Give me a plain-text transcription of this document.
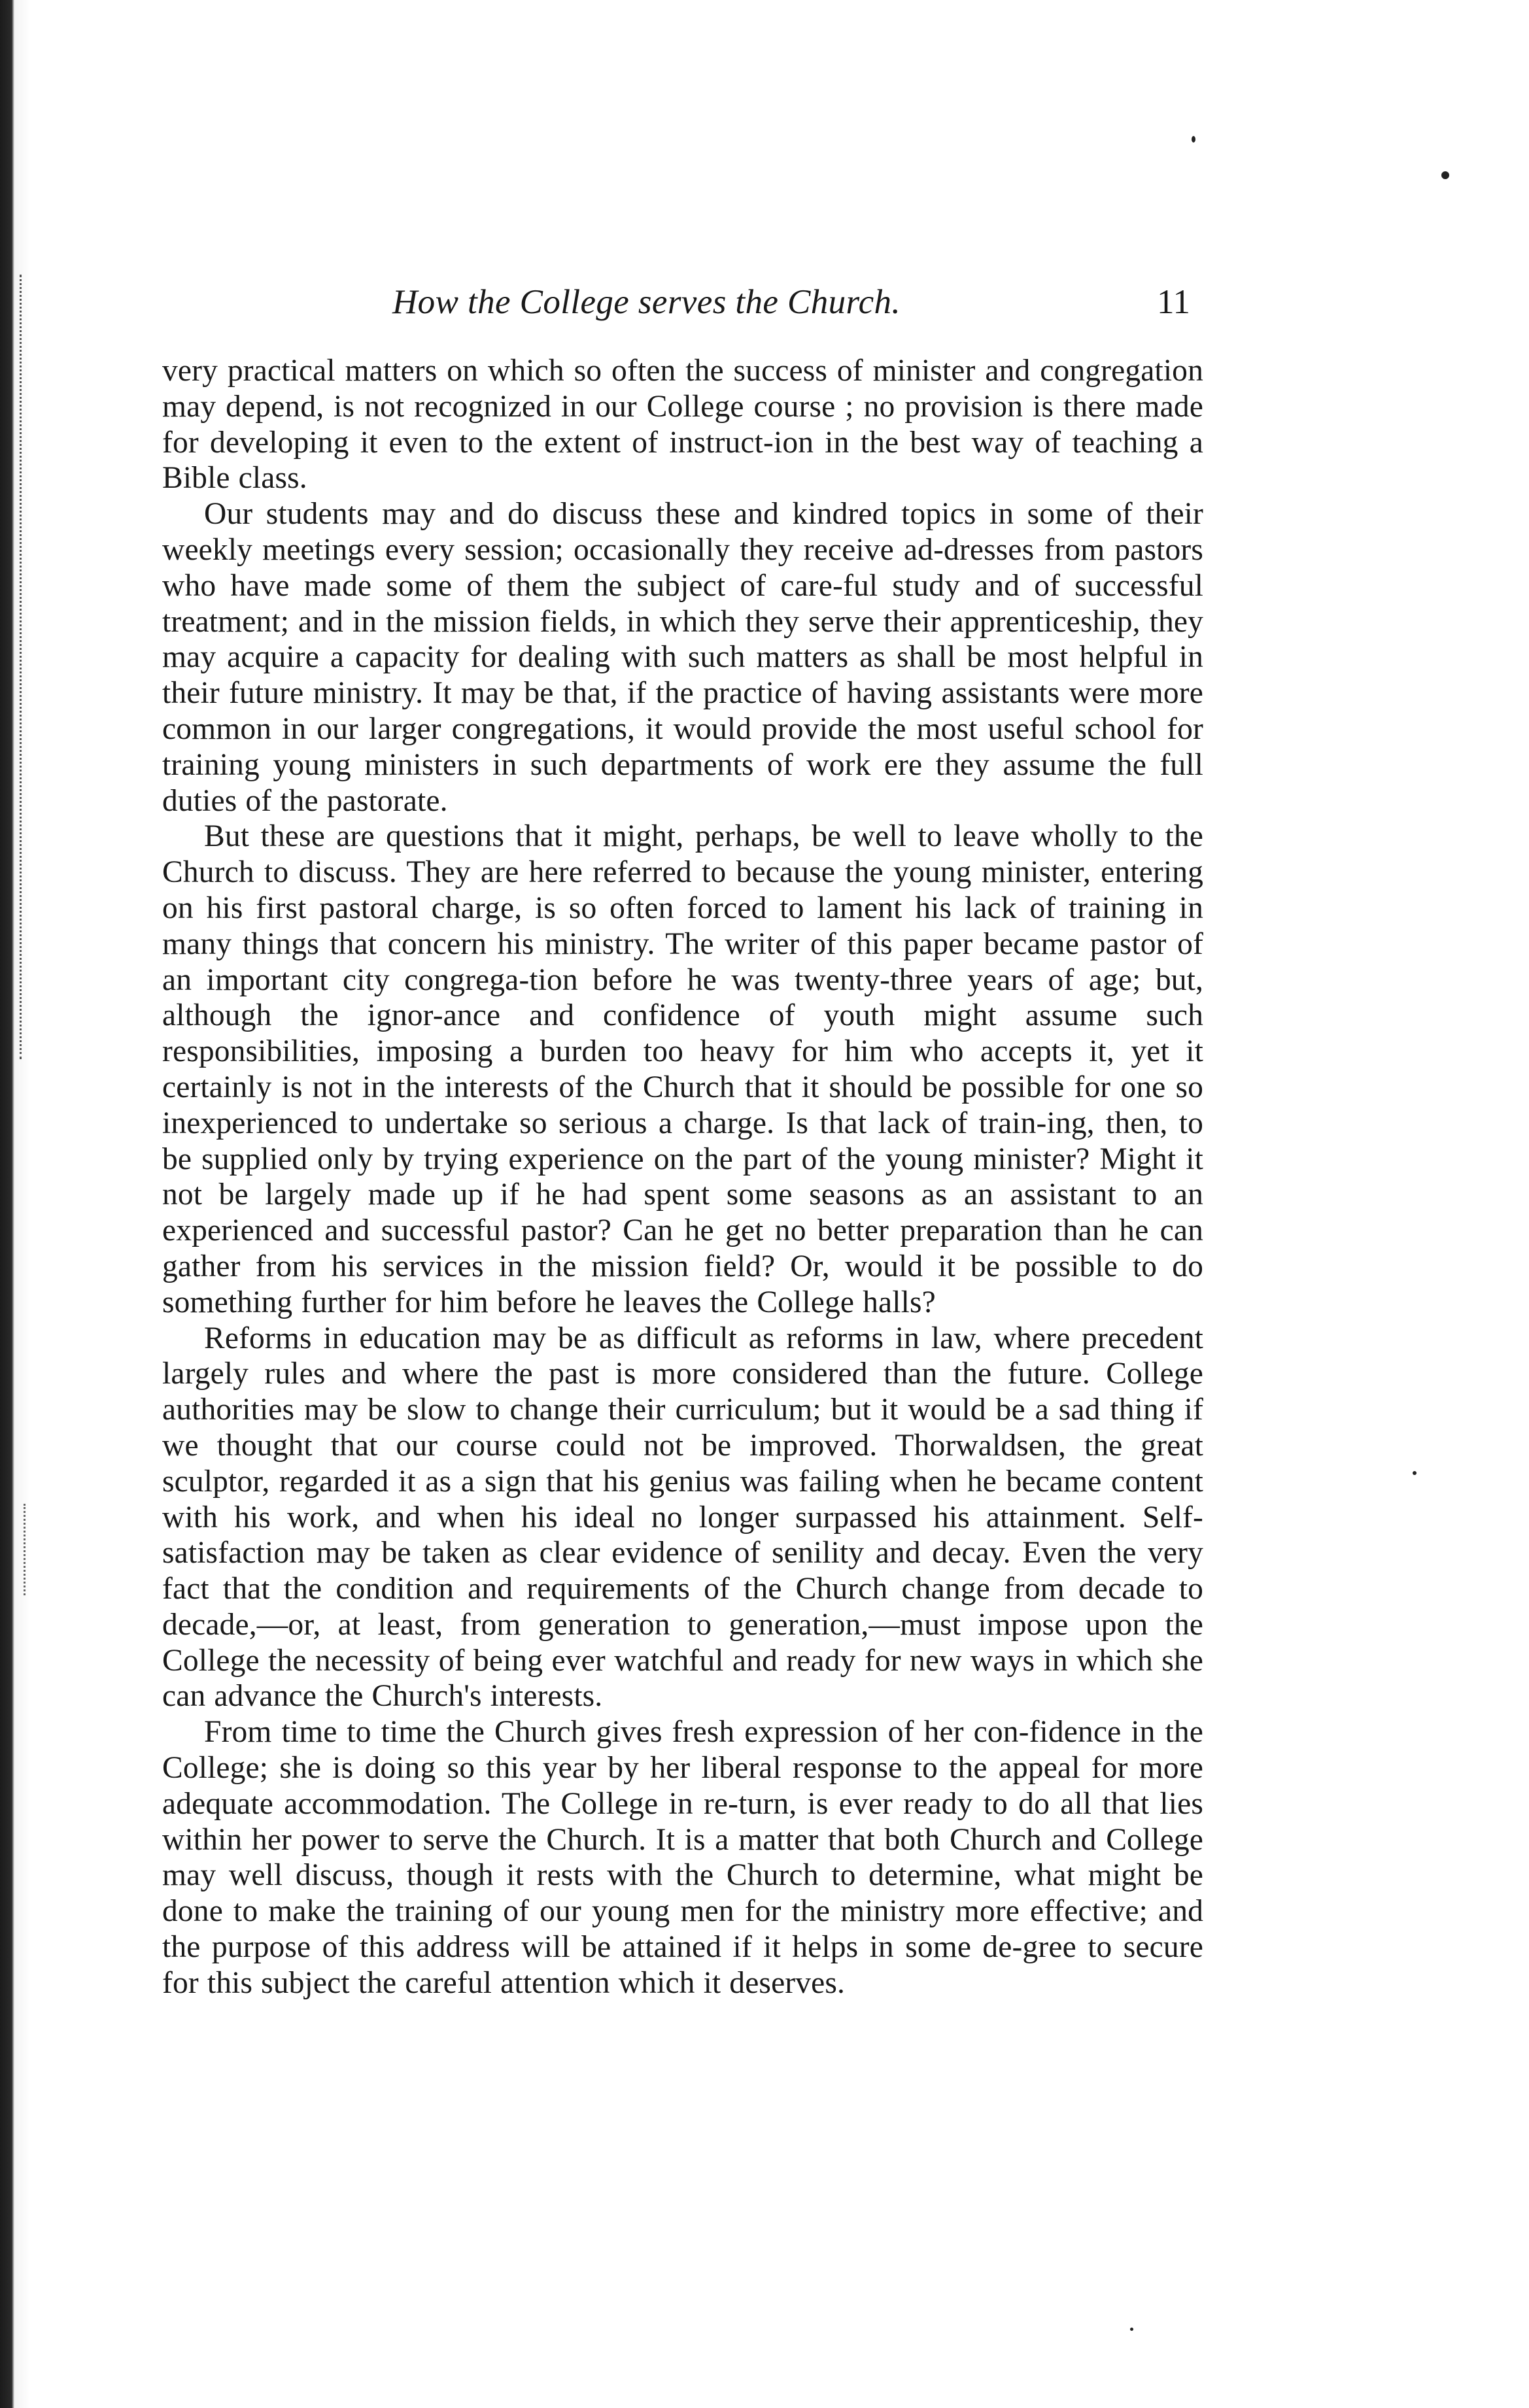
How the College serves the Church.	11

very practical matters on which so often the success of minister and congregation may depend, is not recognized in our College course ; no provision is there made for developing it even to the extent of instruct-ion in the best way of teaching a Bible class.

Our students may and do discuss these and kindred topics in some of their weekly meetings every session; occasionally they receive ad-dresses from pastors who have made some of them the subject of care-ful study and of successful treatment; and in the mission fields, in which they serve their apprenticeship, they may acquire a capacity for dealing with such matters as shall be most helpful in their future ministry. It may be that, if the practice of having assistants were more common in our larger congregations, it would provide the most useful school for training young ministers in such departments of work ere they assume the full duties of the pastorate.

But these are questions that it might, perhaps, be well to leave wholly to the Church to discuss. They are here referred to because the young minister, entering on his first pastoral charge, is so often forced to lament his lack of training in many things that concern his ministry. The writer of this paper became pastor of an important city congrega-tion before he was twenty-three years of age; but, although the ignor-ance and confidence of youth might assume such responsibilities, imposing a burden too heavy for him who accepts it, yet it certainly is not in the interests of the Church that it should be possible for one so inexperienced to undertake so serious a charge. Is that lack of train-ing, then, to be supplied only by trying experience on the part of the young minister? Might it not be largely made up if he had spent some seasons as an assistant to an experienced and successful pastor? Can he get no better preparation than he can gather from his services in the mission field? Or, would it be possible to do something further for him before he leaves the College halls?

Reforms in education may be as difficult as reforms in law, where precedent largely rules and where the past is more considered than the future. College authorities may be slow to change their curriculum; but it would be a sad thing if we thought that our course could not be improved. Thorwaldsen, the great sculptor, regarded it as a sign that his genius was failing when he became content with his work, and when his ideal no longer surpassed his attainment. Self-satisfaction may be taken as clear evidence of senility and decay. Even the very fact that the condition and requirements of the Church change from decade to decade,—or, at least, from generation to generation,—must impose upon the College the necessity of being ever watchful and ready for new ways in which she can advance the Church's interests.

From time to time the Church gives fresh expression of her con-fidence in the College; she is doing so this year by her liberal response to the appeal for more adequate accommodation. The College in re-turn, is ever ready to do all that lies within her power to serve the Church. It is a matter that both Church and College may well discuss, though it rests with the Church to determine, what might be done to make the training of our young men for the ministry more effective; and the purpose of this address will be attained if it helps in some de-gree to secure for this subject the careful attention which it deserves.
